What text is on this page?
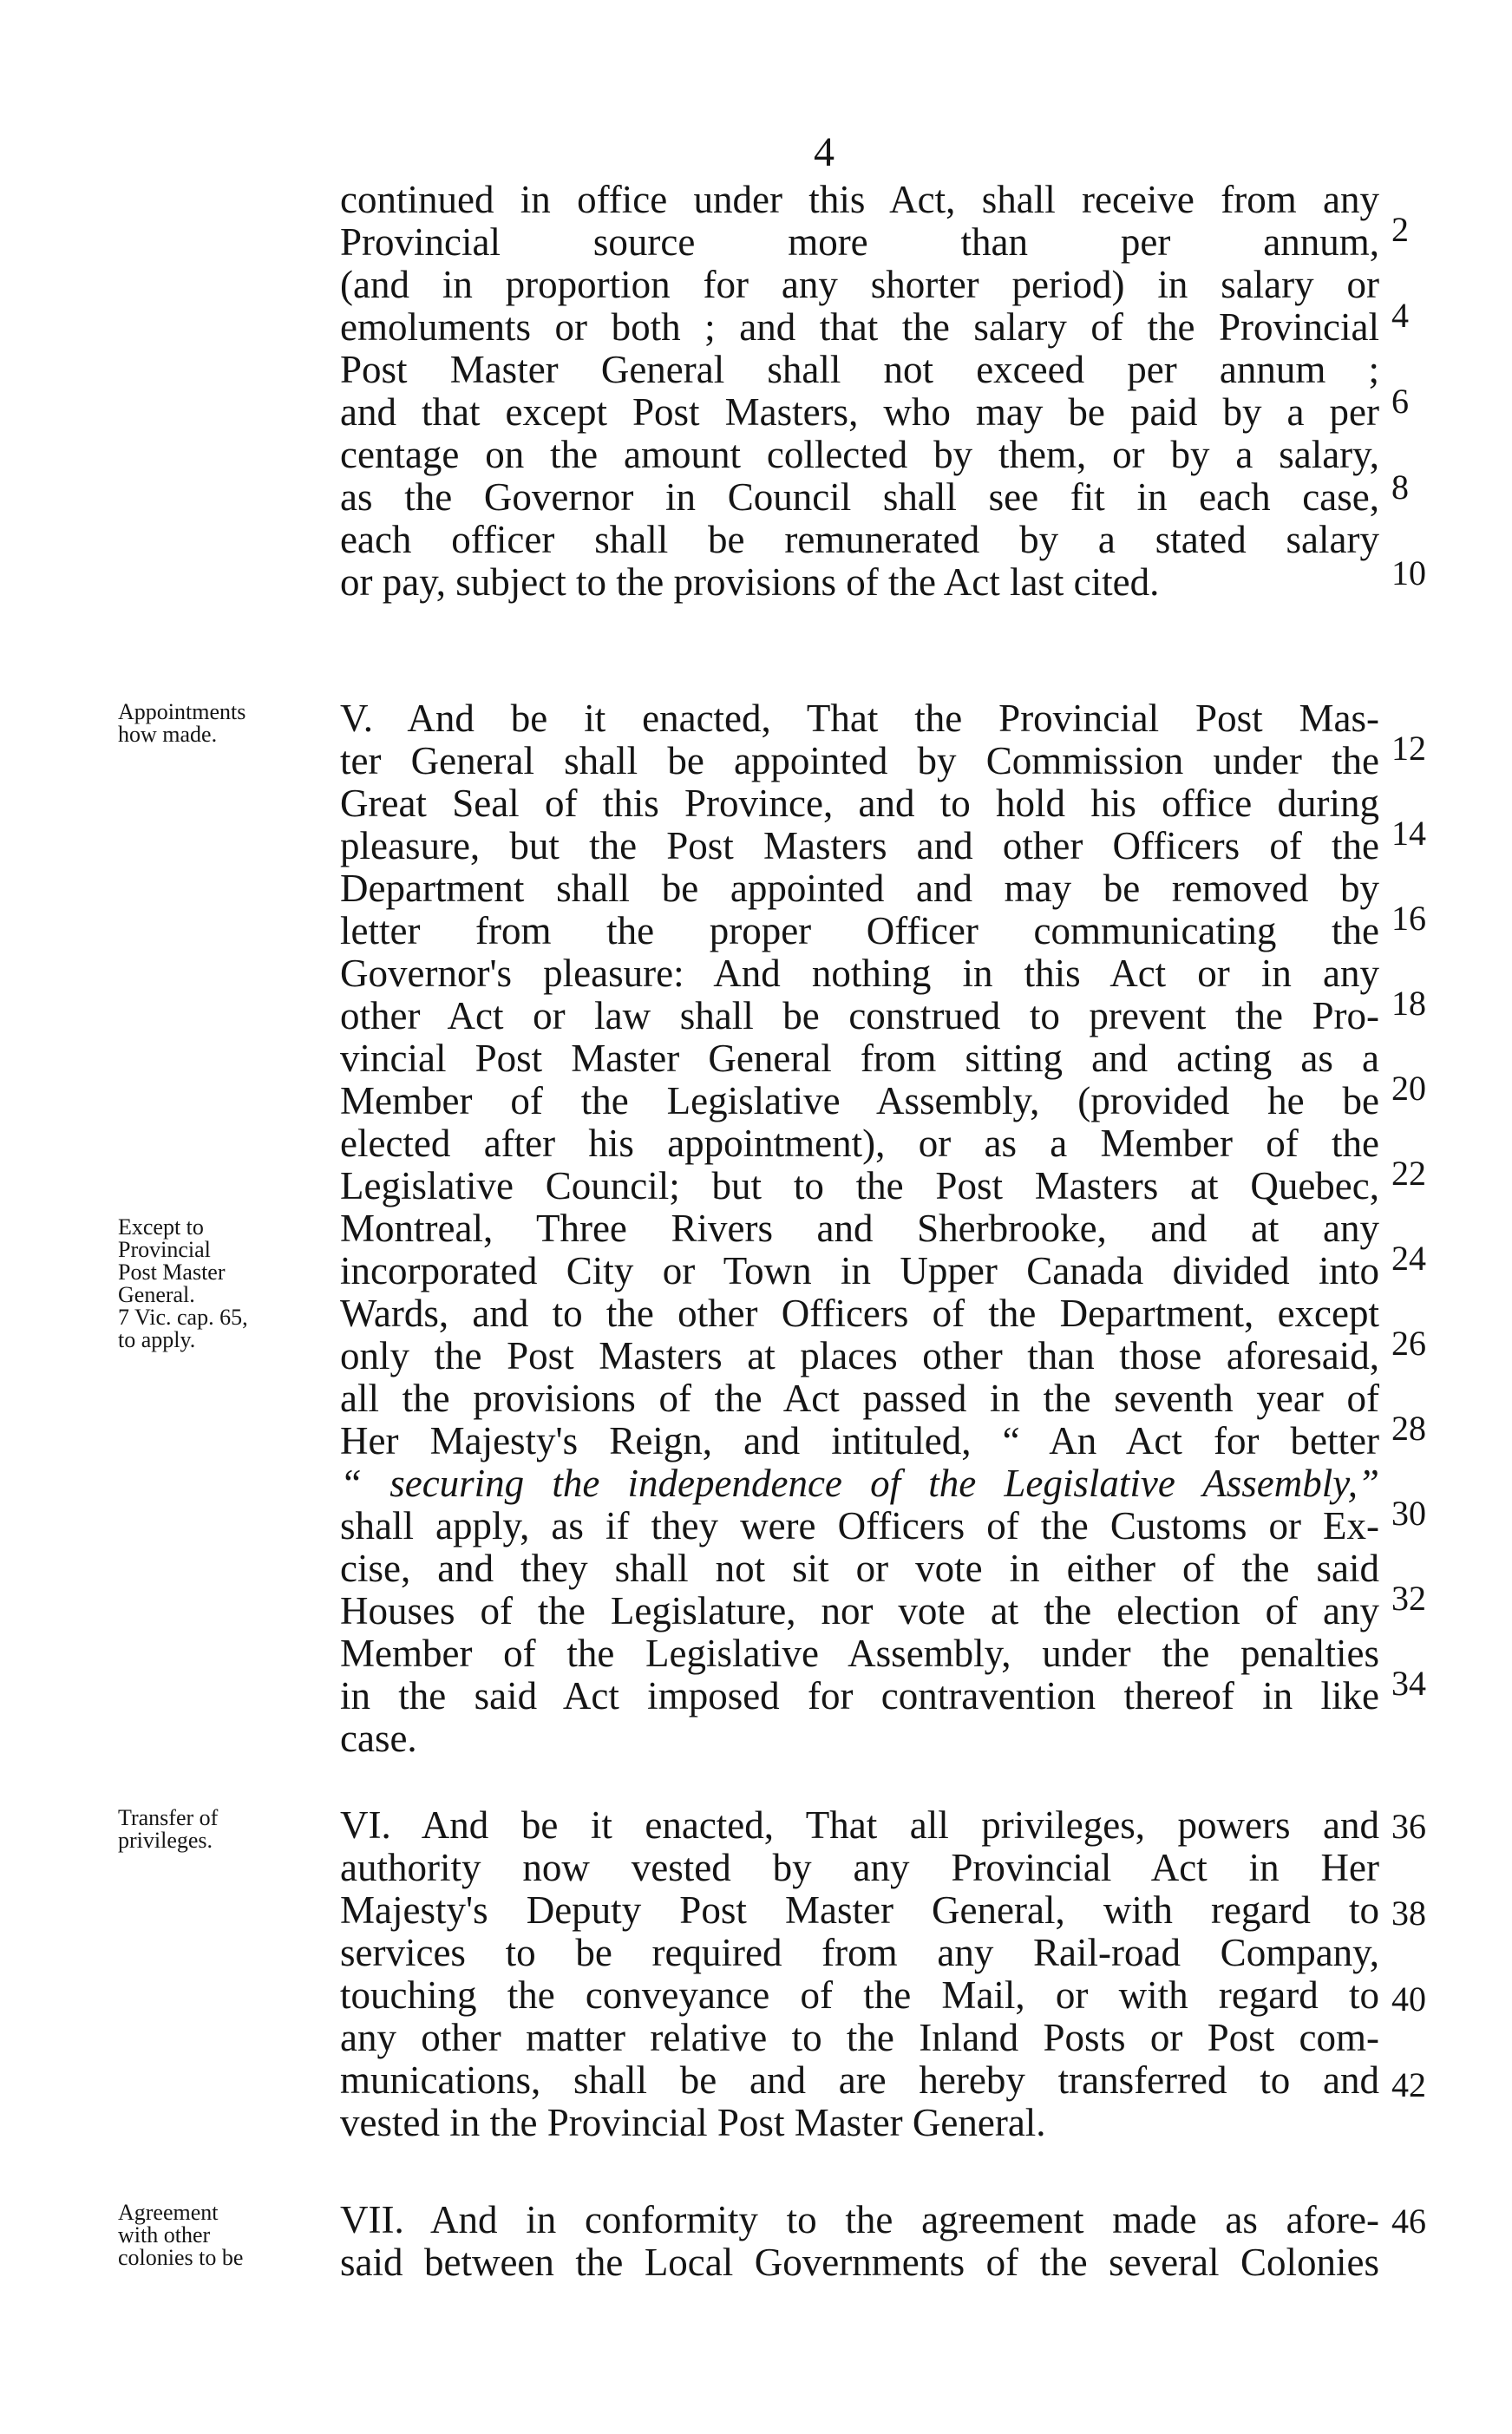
4
continued in office under this Act, shall receive from any
Provincial source more than per annum,
(and in proportion for any shorter period) in salary or
emoluments or both ; and that the salary of the Provincial
Post Master General shall not exceed per annum ;
and that except Post Masters, who may be paid by a per
centage on the amount collected by them, or by a salary,
as the Governor in Council shall see fit in each case,
each officer shall be remunerated by a stated salary
or pay, subject to the provisions of the Act last cited.
2
4
6
8
10
Appointments
how made.	V. And be it enacted, That the Provincial Post Mas-
ter General shall be appointed by Commission under the
Great Seal of this Province, and to hold his office during
pleasure, but the Post Masters and other Officers of the
Department shall be appointed and may be removed by
letter from the proper Officer communicating the
Governor's pleasure: And nothing in this Act or in any
other Act or law shall be construed to prevent the Pro-
vincial Post Master General from sitting and acting as a
Member of the Legislative Assembly, (provided he be
elected after his appointment), or as a Member of the
Legislative Council; but to the Post Masters at Quebec,
Montreal, Three Rivers and Sherbrooke, and at any
incorporated City or Town in Upper Canada divided into
Wards, and to the other Officers of the Department, except
only the Post Masters at places other than those aforesaid,
all the provisions of the Act passed in the seventh year of
Her Majesty's Reign, and intituled, “ An Act for better
“ securing the independence of the Legislative Assembly,”
shall apply, as if they were Officers of the Customs or Ex-
cise, and they shall not sit or vote in either of the said
Houses of the Legislature, nor vote at the election of any
Member of the Legislative Assembly, under the penalties
in the said Act imposed for contravention thereof in like
case.
12
14
16
18
20
22
24
26
28
30
32
34
Except to
Provincial
Post Master
General.
7 Vic. cap. 65,
to apply.
Transfer of
privileges.	VI. And be it enacted, That all privileges, powers and
authority now vested by any Provincial Act in Her
Majesty's Deputy Post Master General, with regard to
services to be required from any Rail-road Company,
touching the conveyance of the Mail, or with regard to
any other matter relative to the Inland Posts or Post com-
munications, shall be and are hereby transferred to and
vested in the Provincial Post Master General.
36
38
40
42
Agreement
with other
colonies to be
VII. And in conformity to the agreement made as afore-
said between the Local Governments of the several Colonies
46
